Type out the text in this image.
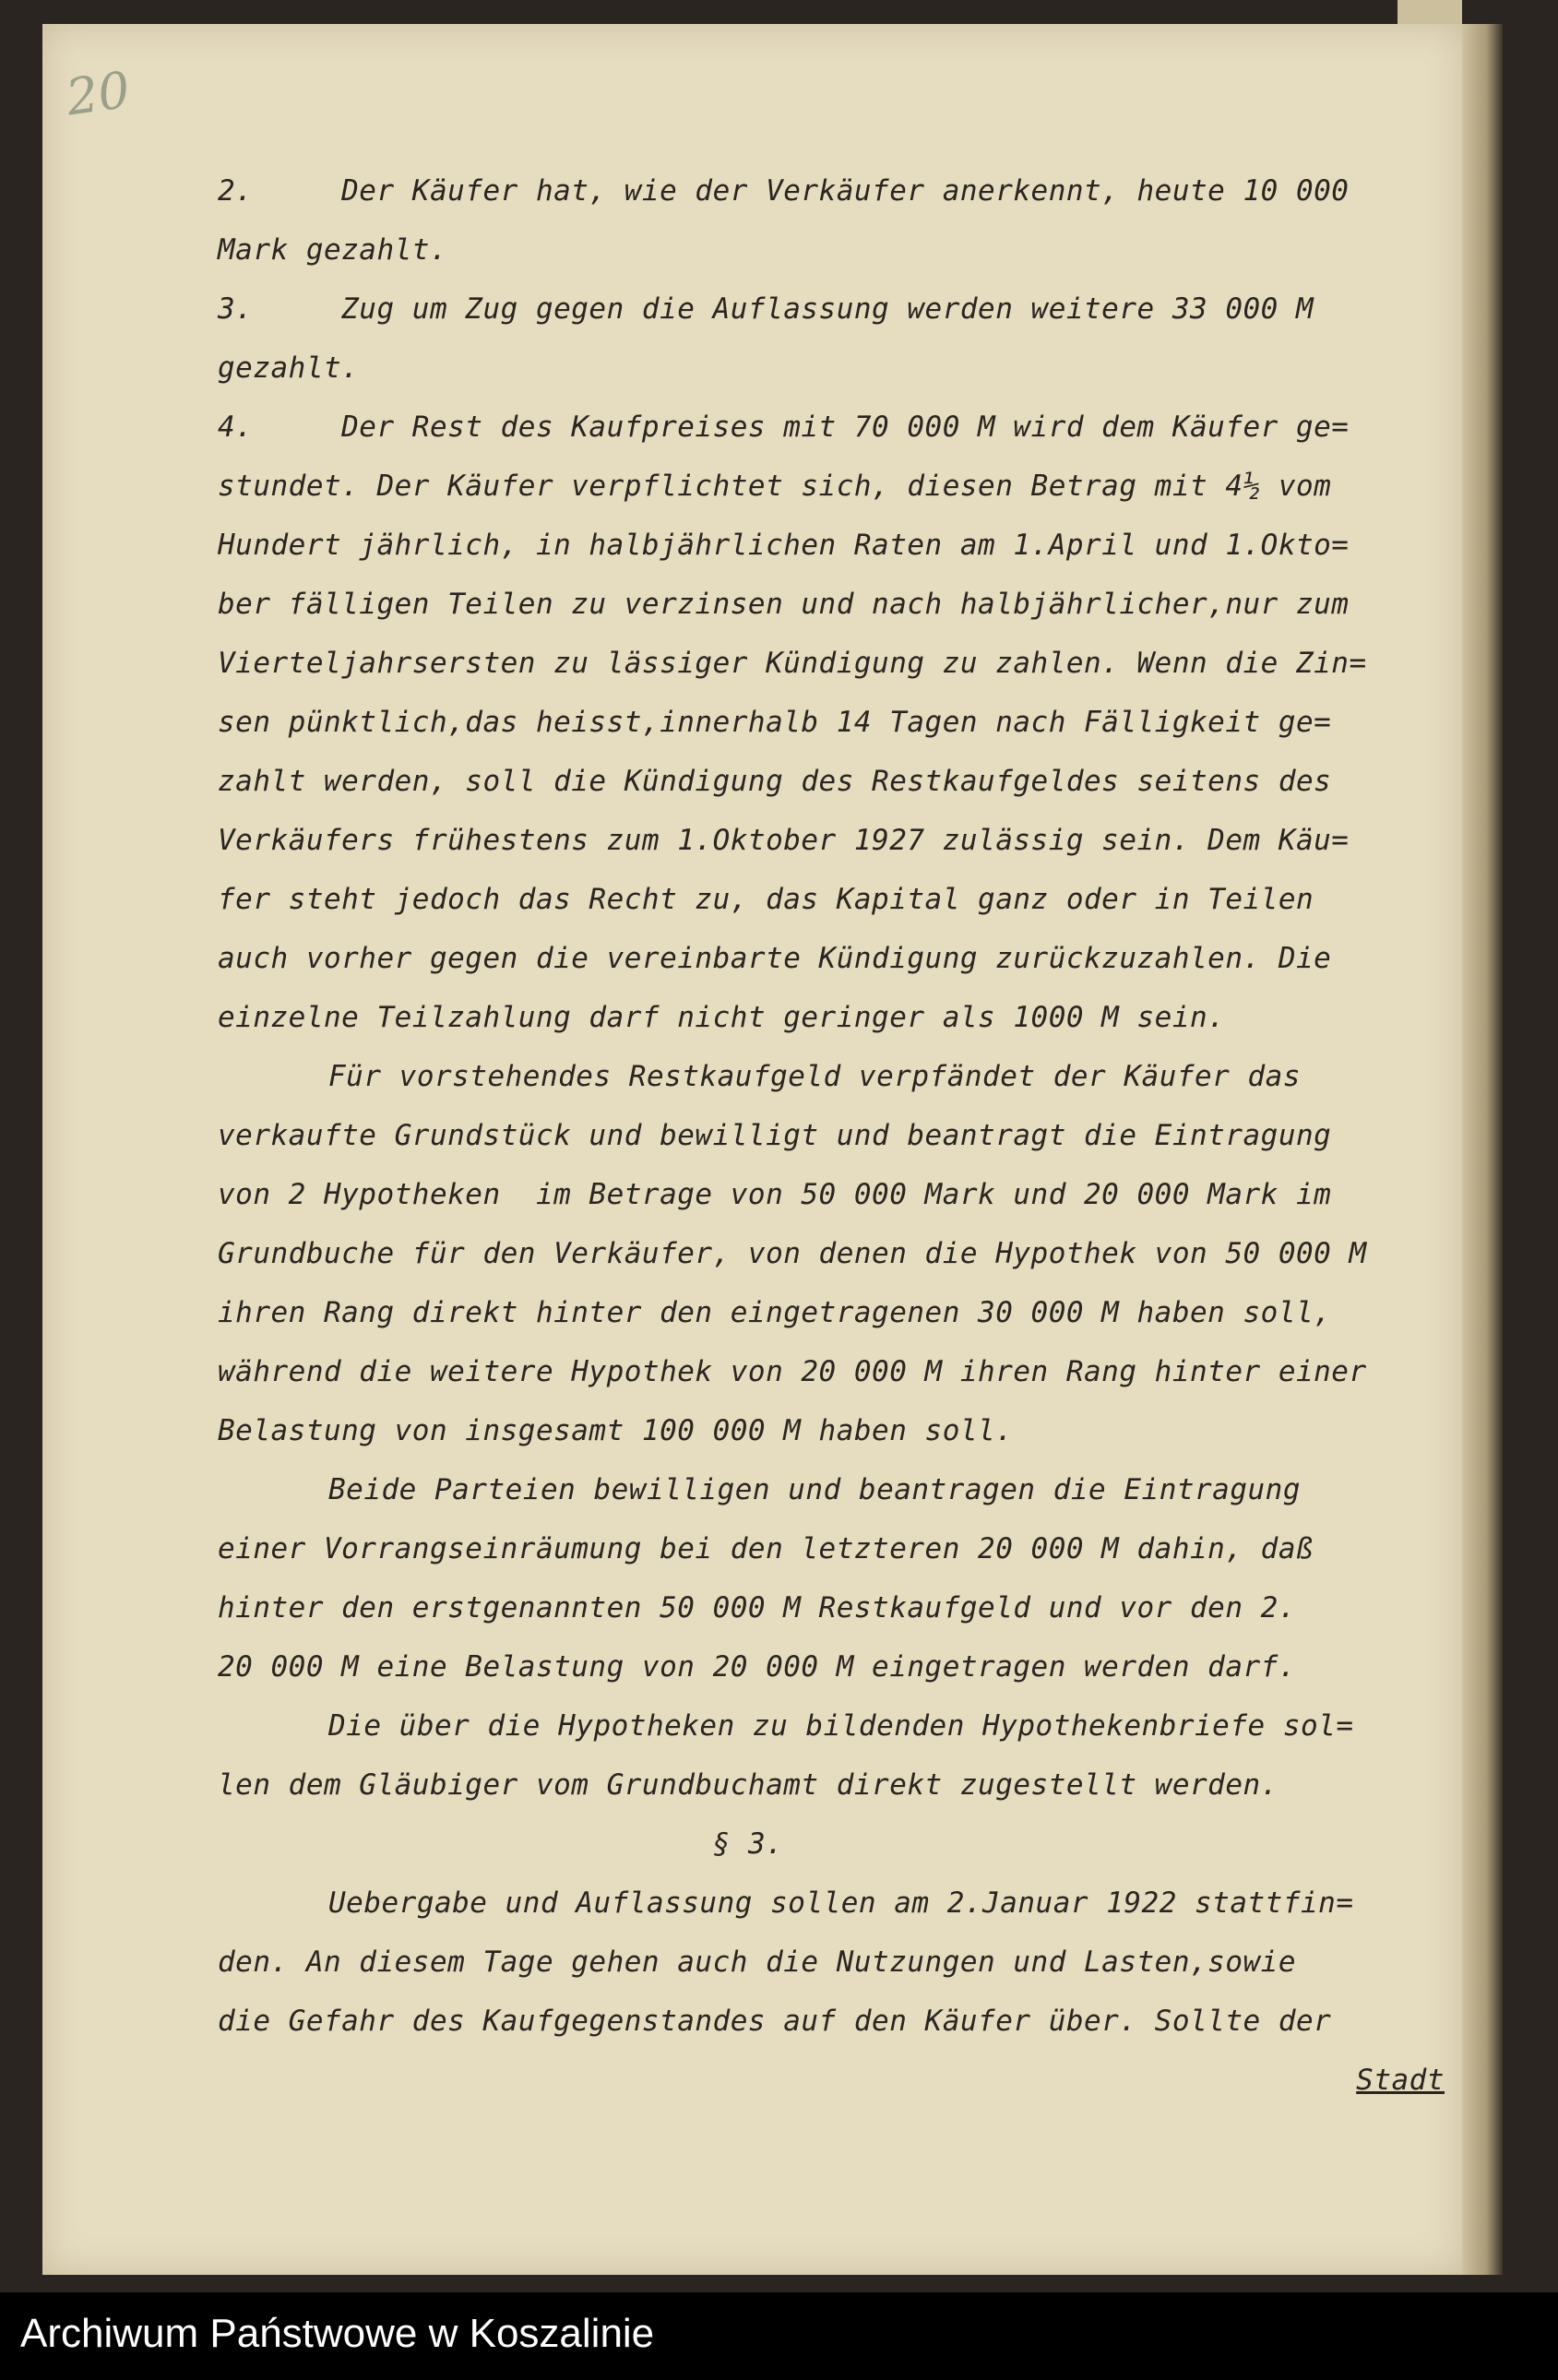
20
2.     Der Käufer hat, wie der Verkäufer anerkennt, heute 10 000
Mark gezahlt.
3.     Zug um Zug gegen die Auflassung werden weitere 33 000 M
gezahlt.
4.     Der Rest des Kaufpreises mit 70 000 M wird dem Käufer ge=
stundet. Der Käufer verpflichtet sich, diesen Betrag mit 4½ vom
Hundert jährlich, in halbjährlichen Raten am 1.April und 1.Okto=
ber fälligen Teilen zu verzinsen und nach halbjährlicher,nur zum
Vierteljahrsersten zu lässiger Kündigung zu zahlen. Wenn die Zin=
sen pünktlich,das heisst,innerhalb 14 Tagen nach Fälligkeit ge=
zahlt werden, soll die Kündigung des Restkaufgeldes seitens des
Verkäufers frühestens zum 1.Oktober 1927 zulässig sein. Dem Käu=
fer steht jedoch das Recht zu, das Kapital ganz oder in Teilen
auch vorher gegen die vereinbarte Kündigung zurückzuzahlen. Die
einzelne Teilzahlung darf nicht geringer als 1000 M sein.
Für vorstehendes Restkaufgeld verpfändet der Käufer das
verkaufte Grundstück und bewilligt und beantragt die Eintragung
von 2 Hypotheken  im Betrage von 50 000 Mark und 20 000 Mark im
Grundbuche für den Verkäufer, von denen die Hypothek von 50 000 M
ihren Rang direkt hinter den eingetragenen 30 000 M haben soll,
während die weitere Hypothek von 20 000 M ihren Rang hinter einer
Belastung von insgesamt 100 000 M haben soll.
Beide Parteien bewilligen und beantragen die Eintragung
einer Vorrangseinräumung bei den letzteren 20 000 M dahin, daß
hinter den erstgenannten 50 000 M Restkaufgeld und vor den 2.
20 000 M eine Belastung von 20 000 M eingetragen werden darf.
Die über die Hypotheken zu bildenden Hypothekenbriefe sol=
len dem Gläubiger vom Grundbuchamt direkt zugestellt werden.
§ 3.
Uebergabe und Auflassung sollen am 2.Januar 1922 stattfin=
den. An diesem Tage gehen auch die Nutzungen und Lasten,sowie
die Gefahr des Kaufgegenstandes auf den Käufer über. Sollte der
Stadt
Archiwum Państwowe w Koszalinie
